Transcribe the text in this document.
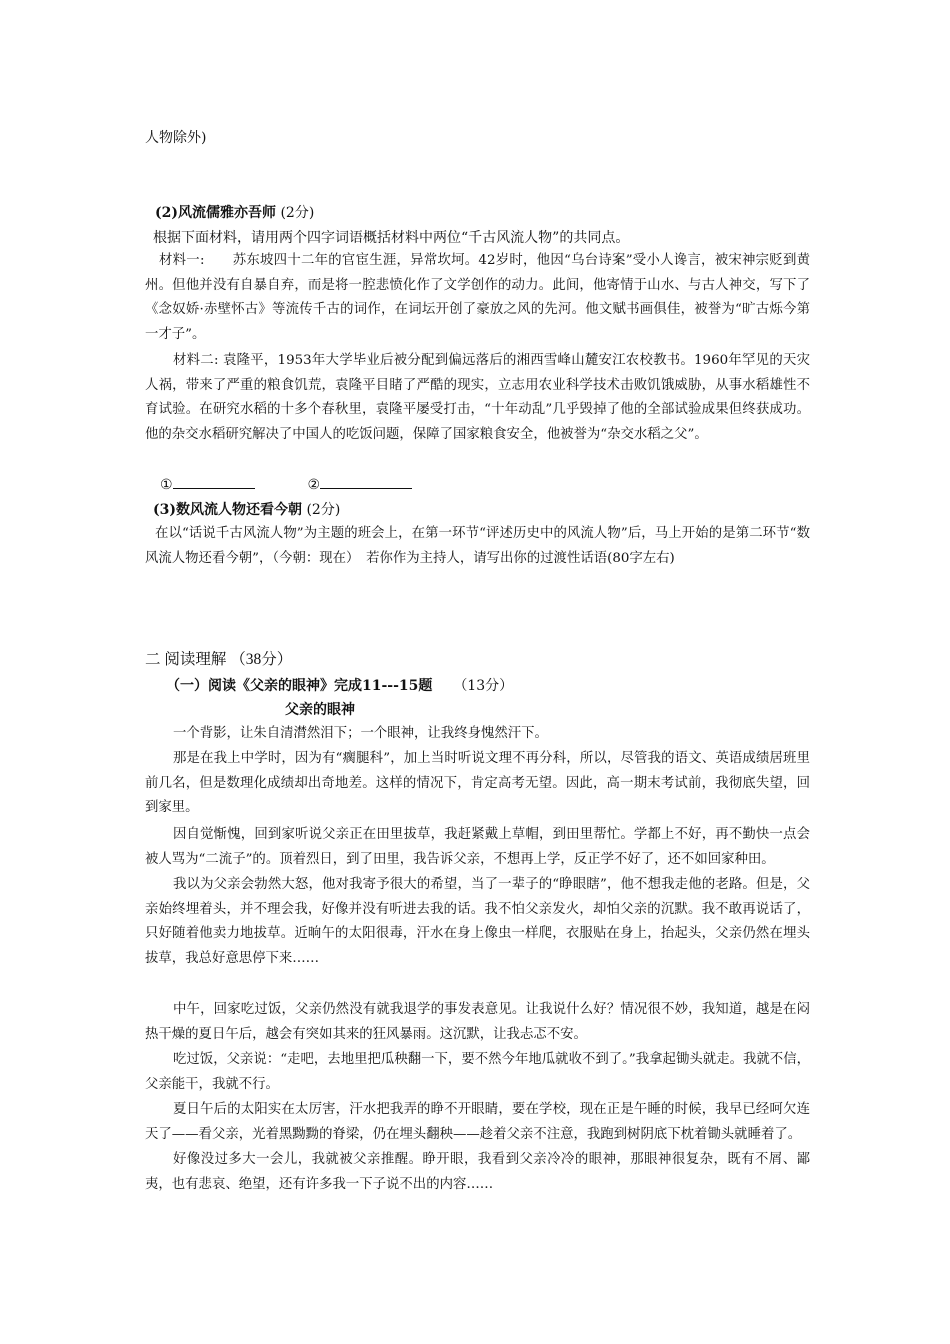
人物除外)
(2)风流儒雅亦吾师 (2分)
根据下面材料，请用两个四字词语概括材料中两位“千古风流人物”的共同点。
材料一: 苏东坡四十二年的官宦生涯，异常坎坷。42岁时，他因“乌台诗案”受小人谗言，被宋神宗贬到黄州。但他并没有自暴自弃，而是将一腔悲愤化作了文学创作的动力。此间，他寄情于山水、与古人神交，写下了《念奴娇·赤壁怀古》等流传千古的词作，在词坛开创了豪放之风的先河。他文赋书画俱佳，被誉为“旷古烁今第一才子”。
材料二: 袁隆平，1953年大学毕业后被分配到偏远落后的湘西雪峰山麓安江农校教书。1960年罕见的天灾人祸，带来了严重的粮食饥荒，袁隆平目睹了严酷的现实，立志用农业科学技术击败饥饿威胁，从事水稻雄性不育试验。在研究水稻的十多个春秋里，袁隆平屡受打击，“十年动乱”几乎毁掉了他的全部试验成果但终获成功。他的杂交水稻研究解决了中国人的吃饭问题，保障了国家粮食安全，他被誉为“杂交水稻之父”。
①	②
(3)数风流人物还看今朝 (2分)
在以“话说千古风流人物”为主题的班会上，在第一环节“评述历史中的风流人物”后，马上开始的是第二环节“数风流人物还看今朝”，（今朝：现在）　若你作为主持人，请写出你的过渡性话语(80字左右)
二 阅读理解 （38分）
（一）阅读《父亲的眼神》完成11---15题 （13分）
父亲的眼神
一个背影，让朱自清潸然泪下；一个眼神，让我终身愧然汗下。
那是在我上中学时，因为有“瘸腿科”，加上当时听说文理不再分科，所以，尽管我的语文、英语成绩居班里前几名，但是数理化成绩却出奇地差。这样的情况下，肯定高考无望。因此，高一期末考试前，我彻底失望，回到家里。
因自觉惭愧，回到家听说父亲正在田里拔草，我赶紧戴上草帽，到田里帮忙。学都上不好，再不勤快一点会被人骂为“二流子”的。顶着烈日，到了田里，我告诉父亲，不想再上学，反正学不好了，还不如回家种田。
我以为父亲会勃然大怒，他对我寄予很大的希望，当了一辈子的“睁眼瞎”，他不想我走他的老路。但是，父亲始终埋着头，并不理会我，好像并没有听进去我的话。我不怕父亲发火，却怕父亲的沉默。我不敢再说话了，只好随着他卖力地拔草。近晌午的太阳很毒，汗水在身上像虫一样爬，衣服贴在身上，抬起头，父亲仍然在埋头拔草，我总好意思停下来……
中午，回家吃过饭，父亲仍然没有就我退学的事发表意见。让我说什么好？情况很不妙，我知道，越是在闷热干燥的夏日午后，越会有突如其来的狂风暴雨。这沉默，让我忐忑不安。
吃过饭，父亲说：“走吧，去地里把瓜秧翻一下，要不然今年地瓜就收不到了。”我拿起锄头就走。我就不信，父亲能干，我就不行。
夏日午后的太阳实在太厉害，汗水把我弄的睁不开眼睛，要在学校，现在正是午睡的时候，我早已经呵欠连天了——看父亲，光着黑黝黝的脊梁，仍在埋头翻秧——趁着父亲不注意，我跑到树阴底下枕着锄头就睡着了。
好像没过多大一会儿，我就被父亲推醒。睁开眼，我看到父亲冷冷的眼神，那眼神很复杂，既有不屑、鄙夷，也有悲哀、绝望，还有许多我一下子说不出的内容……
